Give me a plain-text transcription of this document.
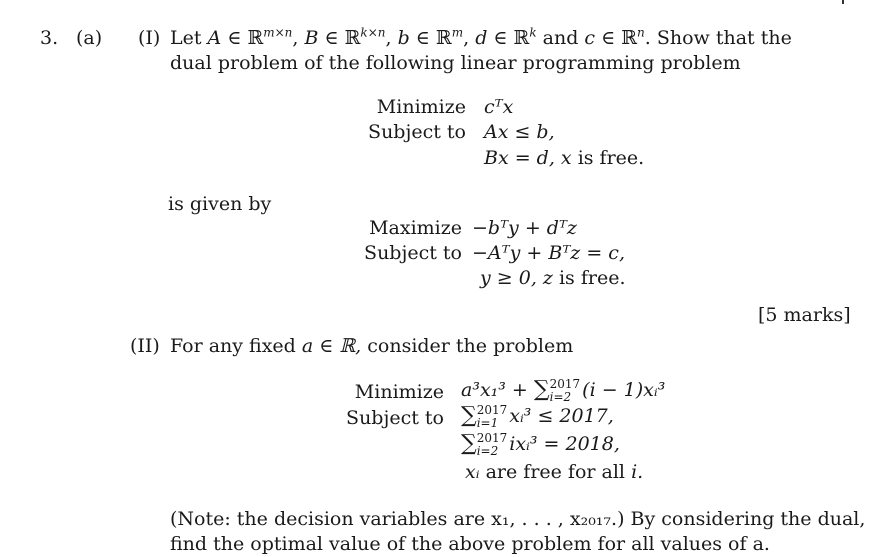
3. (a) (I) Let A ∈ ℝ$^{m\times n}$, B ∈ ℝ$^{k\times n}$, b ∈ ℝ$^m$, d ∈ ℝ$^k$ and c ∈ ℝ$^n$. Show that the
dual problem of the following linear programming problem
Minimize
Subject to
cᵀx
Ax ≤ b,
Bx = d, x is free.
is given by
Maximize
Subject to
−bᵀy + dᵀz
−Aᵀy + Bᵀz = c,
y ≥ 0, z is free.
[5 marks]
(II) For any fixed a ∈ ℝ, consider the problem
Minimize
Subject to
a³x₁³ + ∑ 2017
i=2 (i − 1)xᵢ³
∑ 2017
i=1 xᵢ³ ≤ 2017,
∑ 2017
i=2 ixᵢ³ = 2018,
xᵢ are free for all i.
(Note: the decision variables are x₁, . . . , x₂₀₁₇.) By considering the dual,
find the optimal value of the above problem for all values of a.
